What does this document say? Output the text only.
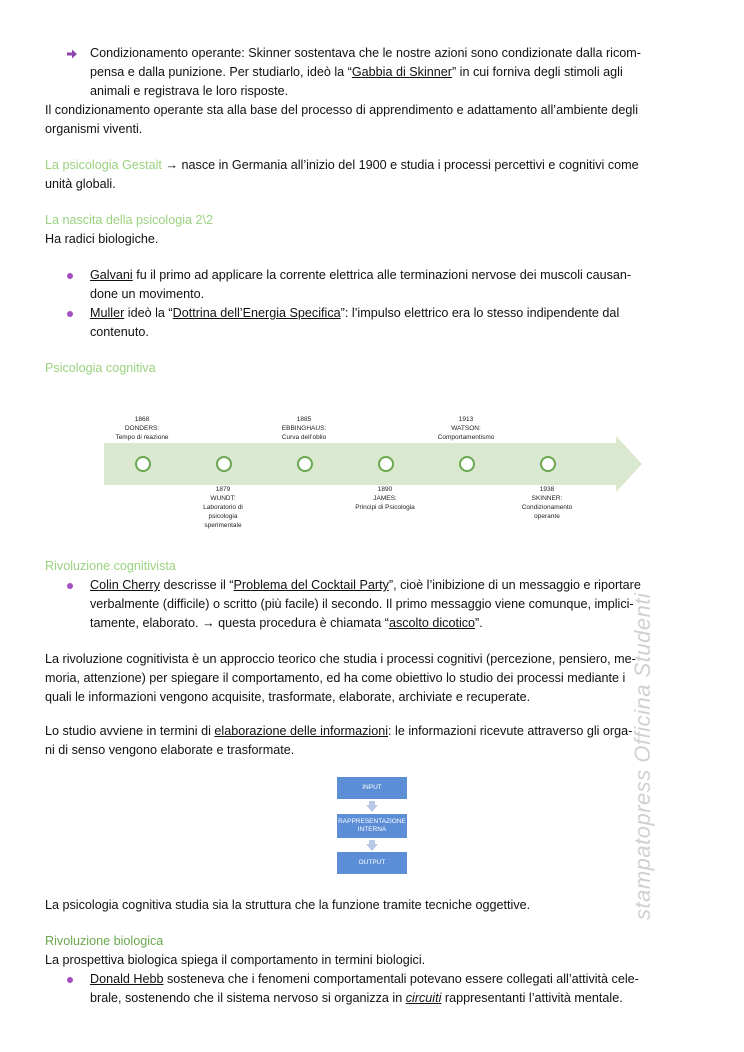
Condizionamento operante: Skinner sostentava che le nostre azioni sono condizionate dalla ricom-
pensa e dalla punizione. Per studiarlo, ideò la “Gabbia di Skinner” in cui forniva degli stimoli agli
animali e registrava le loro risposte.
Il condizionamento operante sta alla base del processo di apprendimento e adattamento all’ambiente degli
organismi viventi.
La psicologia Gestalt → nasce in Germania all’inizio del 1900 e studia i processi percettivi e cognitivi come
unità globali.
La nascita della psicologia 2\2
Ha radici biologiche.
Galvani fu il primo ad applicare la corrente elettrica alle terminazioni nervose dei muscoli causan-
done un movimento.
Muller ideò la “Dottrina dell’Energia Specifica”: l’impulso elettrico era lo stesso indipendente dal
contenuto.
Psicologia cognitiva
1868
DONDERS:
Tempo di reazione
1885
EBBINGHAUS:
Curva dell’oblio
1913
WATSON:
Comportamentismo
1879
WUNDT:
Laboratorio di psicologia sperimentale
1890
JAMES:
Principi di Psicologia
1938
SKINNER:
Condizionamento operante
Rivoluzione cognitivista
Colin Cherry descrisse il “Problema del Cocktail Party”, cioè l’inibizione di un messaggio e riportare
verbalmente (difficile) o scritto (più facile) il secondo. Il primo messaggio viene comunque, implici-
tamente, elaborato. → questa procedura è chiamata “ascolto dicotico”.
La rivoluzione cognitivista è un approccio teorico che studia i processi cognitivi (percezione, pensiero, me-
moria, attenzione) per spiegare il comportamento, ed ha come obiettivo lo studio dei processi mediante i
quali le informazioni vengono acquisite, trasformate, elaborate, archiviate e recuperate.
Lo studio avviene in termini di elaborazione delle informazioni: le informazioni ricevute attraverso gli orga-
ni di senso vengono elaborate e trasformate.
INPUT
RAPPRESENTAZIONE INTERNA
OUTPUT
La psicologia cognitiva studia sia la struttura che la funzione tramite tecniche oggettive.
Rivoluzione biologica
La prospettiva biologica spiega il comportamento in termini biologici.
Donald Hebb sosteneva che i fenomeni comportamentali potevano essere collegati all’attività cele-
brale, sostenendo che il sistema nervoso si organizza in circuiti rappresentanti l’attività mentale.
stampatopress Officina Studenti
